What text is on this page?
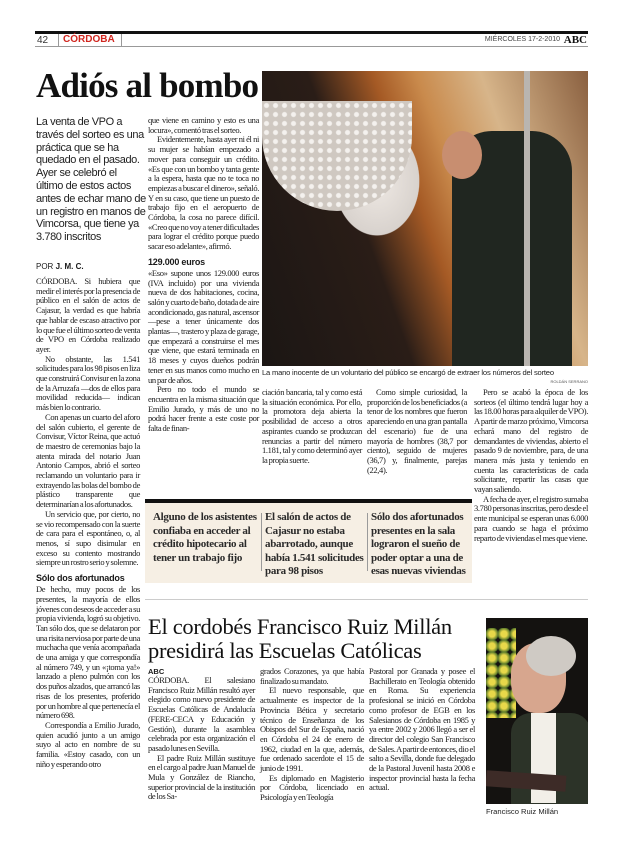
42	CÓRDOBA	MIÉRCOLES 17-2-2010 ABC
Adiós al bombo
La venta de VPO a través del sorteo es una práctica que se ha quedado en el pasado. Ayer se celebró el último de estos actos antes de echar mano de un registro en manos de Vimcorsa, que tiene ya 3.780 inscritos
POR J. M. C.

CÓRDOBA. Si hubiera que medir el interés por la presencia de público en el salón de actos de Cajasur, la verdad es que habría que hablar de escaso atractivo por lo que fue el último sorteo de venta de VPO en Córdoba realizado ayer.

No obstante, las 1.541 solicitudes para los 98 pisos en liza que construirá Convisur en la zona de la Arruzafa —dos de ellos para movilidad reducida— indican más bien lo contrario.

Con apenas un cuarto del aforo del salón cubierto, el gerente de Convisur, Víctor Reina, que actuó de maestro de ceremonias bajo la atenta mirada del notario Juan Antonio Campos, abrió el sorteo reclamando un voluntario para ir extrayendo las bolas del bombo de plástico transparente que determinarían a los afortunados.

Un servicio que, por cierto, no se vio recompensado con la suerte de cara para el espontáneo, o, al menos, sí supo disimular en exceso su contento mostrando siempre un rostro serio y solemne.

Sólo dos afortunados

De hecho, muy pocos de los presentes, la mayoría de ellos jóvenes con deseos de acceder a su propia vivienda, logró su objetivo. Tan sólo dos, que se delataron por una risita nerviosa por parte de una muchacha que venía acompañada de una amiga y que correspondía al número 749, y un «¡toma ya!» lanzado a pleno pulmón con los dos puños alzados, que arrancó las risas de los presentes, proferido por un hombre al que pertenecía el número 698.

Correspondía a Emilio Jurado, quien acudió junto a un amigo suyo al acto en nombre de su familia. «Estoy casado, con un niño y esperando otro

que viene en camino y esto es una locura», comentó tras el sorteo.

Evidentemente, hasta ayer ni él ni su mujer se habían empezado a mover para conseguir un crédito. «Es que con un bombo y tanta gente a la espera, hasta que no te toca no empiezas a buscar el dinero», señaló. Y en su caso, que tiene un puesto de trabajo fijo en el aeropuerto de Córdoba, la cosa no parece difícil. «Creo que no voy a tener dificultades para lograr el crédito porque puedo sacar eso adelante», afirmó.

129.000 euros

«Eso» supone unos 129.000 euros (IVA incluido) por una vivienda nueva de dos habitaciones, cocina, salón y cuarto de baño, dotada de aire acondicionado, gas natural, ascensor —pese a tener únicamente dos plantas—, trastero y plaza de garage, que empezará a construirse el mes que viene, que estará terminada en 18 meses y cuyos dueños podrán tener en sus manos como mucho en un par de años.

Pero no todo el mundo se encuentra en la misma situación que Emilio Jurado, y más de uno no podrá hacer frente a este coste por falta de finan-

La mano inocente de un voluntario del público se encargó de extraer los números del sorteo
ROLDÁN SERRANO

ciación bancaria, tal y como está la situación económica. Por ello, la promotora deja abierta la posibilidad de acceso a otros aspirantes cuando se produzcan renuncias a partir del número 1.181, tal y como determinó ayer la propia suerte.

Como simple curiosidad, la proporción de los beneficiados (a tenor de los nombres que fueron apareciendo en una gran pantalla del escenario) fue de una mayoría de hombres (38,7 por ciento), seguido de mujeres (36,7) y, finalmente, parejas (22,4).

Pero se acabó la época de los sorteos (el último tendrá lugar hoy a las 18.00 horas para alquiler de VPO). A partir de marzo próximo, Vimcorsa echará mano del registro de demandantes de viviendas, abierto el pasado 9 de noviembre, para, de una manera más justa y teniendo en cuenta las características de cada solicitante, repartir las casas que vayan saliendo.

A fecha de ayer, el registro sumaba 3.780 personas inscritas, pero desde el ente municipal se esperan unas 6.000 para cuando se haga el próximo reparto de viviendas el mes que viene.

Alguno de los asistentes confiaba en acceder al crédito hipotecario al tener un trabajo fijo
El salón de actos de Cajasur no estaba abarrotado, aunque había 1.541 solicitudes para 98 pisos
Sólo dos afortunados presentes en la sala lograron el sueño de poder optar a una de esas nuevas viviendas
El cordobés Francisco Ruiz Millán
presidirá las Escuelas Católicas
ABC

CÓRDOBA. El salesiano Francisco Ruiz Millán resultó ayer elegido como nuevo presidente de Escuelas Católicas de Andalucía (FERE-CECA y Educación y Gestión), durante la asamblea celebrada por esta organización el pasado lunes en Sevilla.

El padre Ruiz Millán sustituye en el cargo al padre Juan Manuel de Mula y González de Riancho, superior provincial de la institución de los Sa-

grados Corazones, ya que había finalizado su mandato.

El nuevo responsable, que actualmente es inspector de la Provincia Bética y secretario técnico de Enseñanza de los Obispos del Sur de España, nació en Córdoba el 24 de enero de 1962, ciudad en la que, además, fue ordenado sacerdote el 15 de junio de 1991.

Es diplomado en Magisterio por Córdoba, licenciado en Psicología y en Teología

Pastoral por Granada y posee el Bachillerato en Teología obtenido en Roma. Su experiencia profesional se inició en Córdoba como profesor de EGB en los Salesianos de Córdoba en 1985 y ya entre 2002 y 2006 llegó a ser el director del colegio San Francisco de Sales. A partir de entonces, dio el salto a Sevilla, donde fue delegado de la Pastoral Juvenil hasta 2008 e inspector provincial hasta la fecha actual.

Francisco Ruiz Millán
